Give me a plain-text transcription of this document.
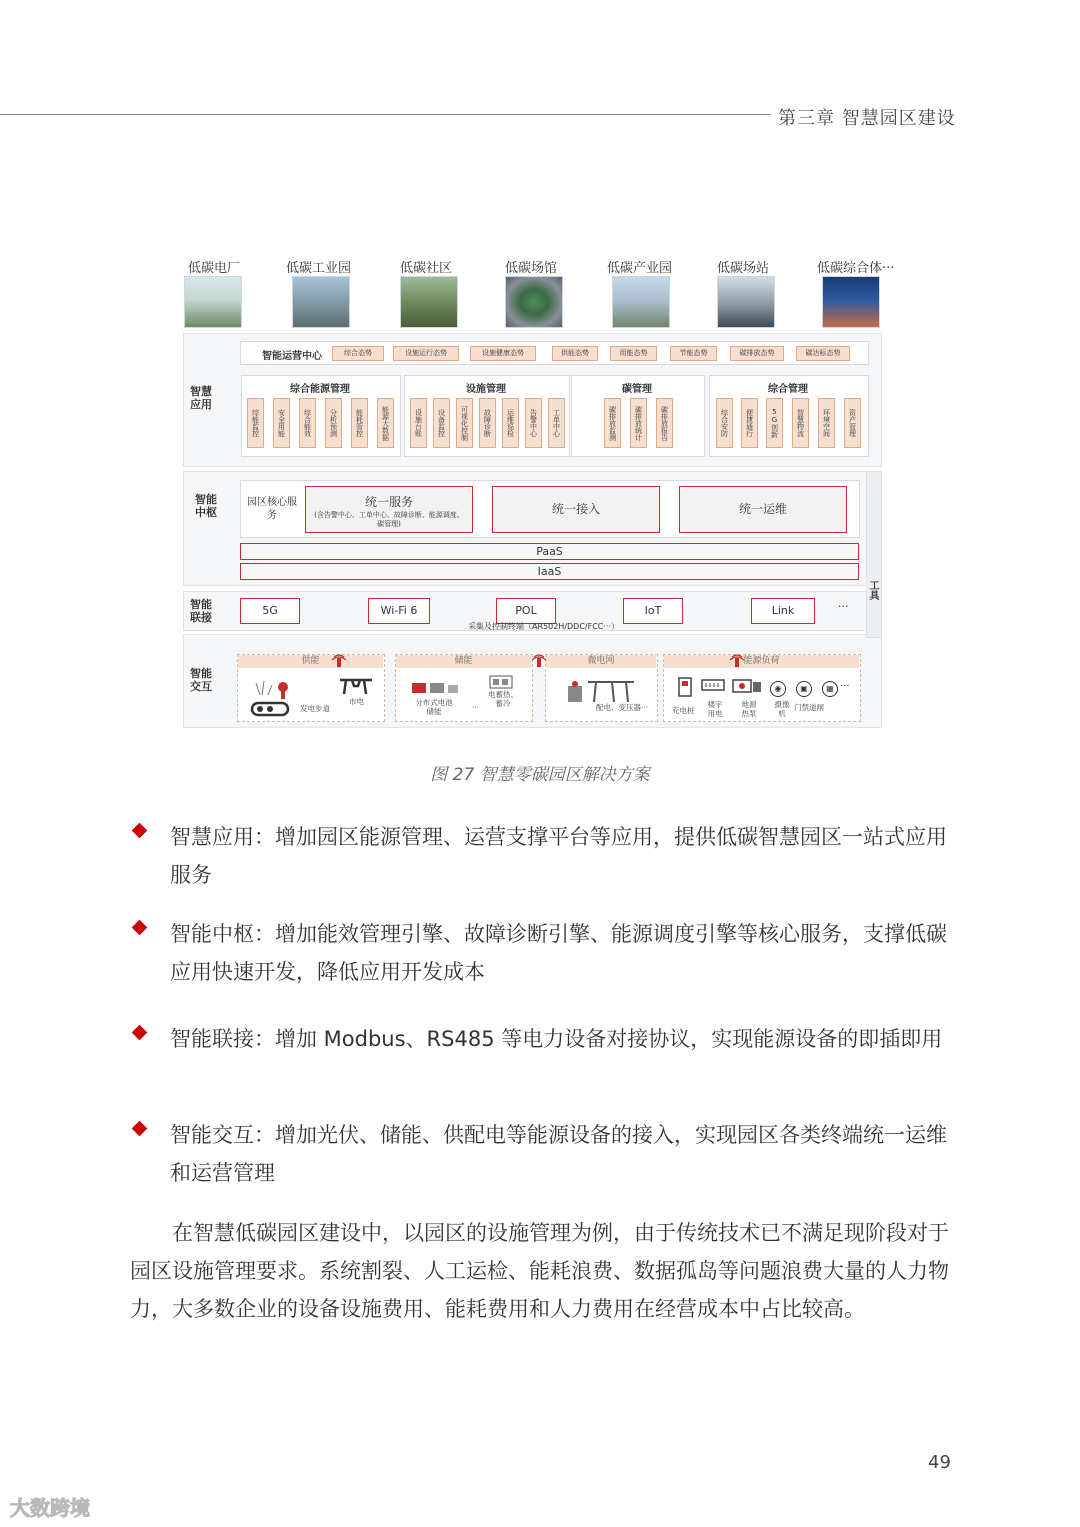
第三章 智慧园区建设
低碳电厂	低碳工业园	低碳社区	低碳场馆	低碳产业园	低碳场站	低碳综合体···
工具
智慧应用
智能中枢
智能联接
智能交互
智能运营中心	综合态势	设施运行态势	设施健康态势	供能态势	用能态势	节能态势	碳排放态势	碳达标态势
综合能源管理
综能监控	安全用能	综合能效	分析预测	能耗管控	能源大数据
设施管理
设施台账	设备监控	可视化控制	故障诊断	运维巡检	告警中心	工单中心
碳管理
碳排放监测	碳排放统计	碳排放报告
综合管理
综合安防	便捷通行	5G创新	智慧物流	环境空间	资产管理
园区核心服务
统一服务
(含告警中心、工单中心、故障诊断、能源调度、碳管理)
统一接入	统一运维
PaaS
IaaS
5G	Wi-Fi 6	POL	IoT	Link	···
采集及控制终端（AR502H/DDC/FCC···）
供能	储能	微电网	能源负荷
发电步道
市电	分布式电池储能
电蓄热、蓄冷
···	配电、变压器···
◉	▣	▦ ···
充电桩
楼宇用电
地源热泵
摄像机
门禁道闸
图 27 智慧零碳园区解决方案
智慧应用：增加园区能源管理、运营支撑平台等应用，提供低碳智慧园区一站式应用服务
智能中枢：增加能效管理引擎、故障诊断引擎、能源调度引擎等核心服务，支撑低碳应用快速开发，降低应用开发成本
智能联接：增加 Modbus、RS485 等电力设备对接协议，实现能源设备的即插即用
智能交互：增加光伏、储能、供配电等能源设备的接入，实现园区各类终端统一运维和运营管理
在智慧低碳园区建设中，以园区的设施管理为例，由于传统技术已不满足现阶段对于园区设施管理要求。系统割裂、人工运检、能耗浪费、数据孤岛等问题浪费大量的人力物力，大多数企业的设备设施费用、能耗费用和人力费用在经营成本中占比较高。
49
大数跨境
